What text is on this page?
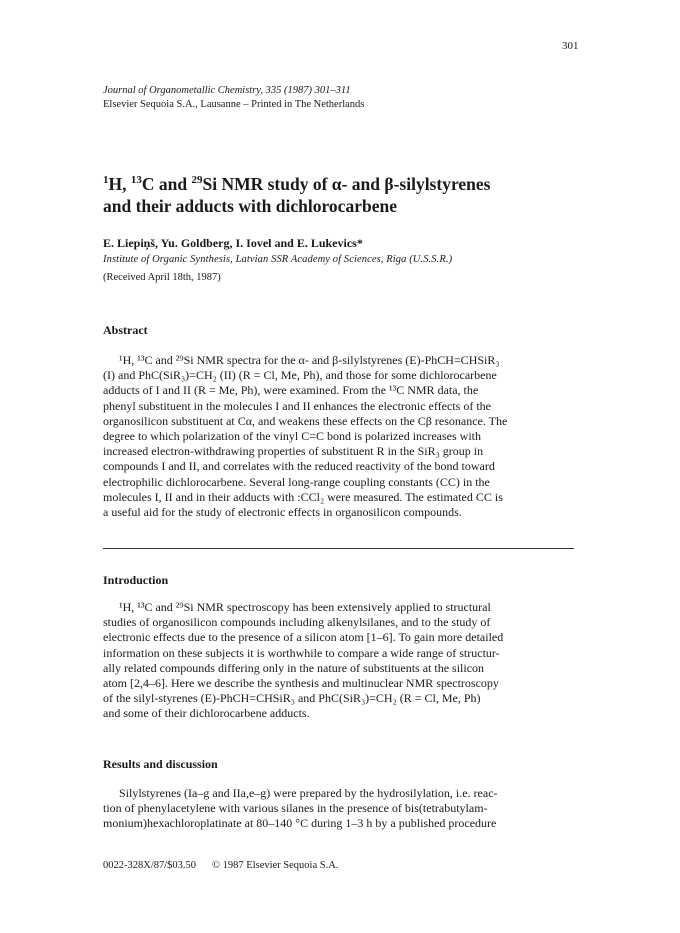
301
Journal of Organometallic Chemistry, 335 (1987) 301–311
Elsevier Sequoia S.A., Lausanne – Printed in The Netherlands
$^1$H, $^{13}$C and $^{29}$Si NMR study of α- and β-silylstyrenes
and their adducts with dichlorocarbene
E. Liepiņš, Yu. Goldberg, I. Iovel and E. Lukevics*
Institute of Organic Synthesis, Latvian SSR Academy of Sciences, Riga (U.S.S.R.)
(Received April 18th, 1987)
Abstract

¹H, ¹³C and ²⁹Si NMR spectra for the α- and β-silylstyrenes (E)-PhCH=CHSiR₃
(I) and PhC(SiR₃)=CH₂ (II) (R = Cl, Me, Ph), and those for some dichlorocarbene

adducts of I and II (R = Me, Ph), were examined. From the ¹³C NMR data, the
phenyl substituent in the molecules I and II enhances the electronic effects of the
organosilicon substituent at Cα, and weakens these effects on the Cβ resonance. The
degree to which polarization of the vinyl C=C bond is polarized increases with
increased electron-withdrawing properties of substituent R in the SiR₃ group in
compounds I and II, and correlates with the reduced reactivity of the bond toward
electrophilic dichlorocarbene. Several long-range coupling constants (CC) in the
molecules I, II and in their adducts with :CCl₂ were measured. The estimated CC is
a useful aid for the study of electronic effects in organosilicon compounds.
Introduction
¹H, ¹³C and ²⁹Si NMR spectroscopy has been extensively applied to structural
studies of organosilicon compounds including alkenylsilanes, and to the study of
electronic effects due to the presence of a silicon atom [1–6]. To gain more detailed
information on these subjects it is worthwhile to compare a wide range of structur-
ally related compounds differing only in the nature of substituents at the silicon
atom [2,4–6]. Here we describe the synthesis and multinuclear NMR spectroscopy
of the silyl-styrenes (E)-PhCH=CHSiR₃ and PhC(SiR₃)=CH₂ (R = Cl, Me, Ph)
and some of their dichlorocarbene adducts.
Results and discussion
Silylstyrenes (Ia–g and IIa,e–g) were prepared by the hydrosilylation, i.e. reac-
tion of phenylacetylene with various silanes in the presence of bis(tetrabutylam-
monium)hexachloroplatinate at 80–140 °C during 1–3 h by a published procedure
0022-328X/87/$03.50 © 1987 Elsevier Sequoia S.A.
